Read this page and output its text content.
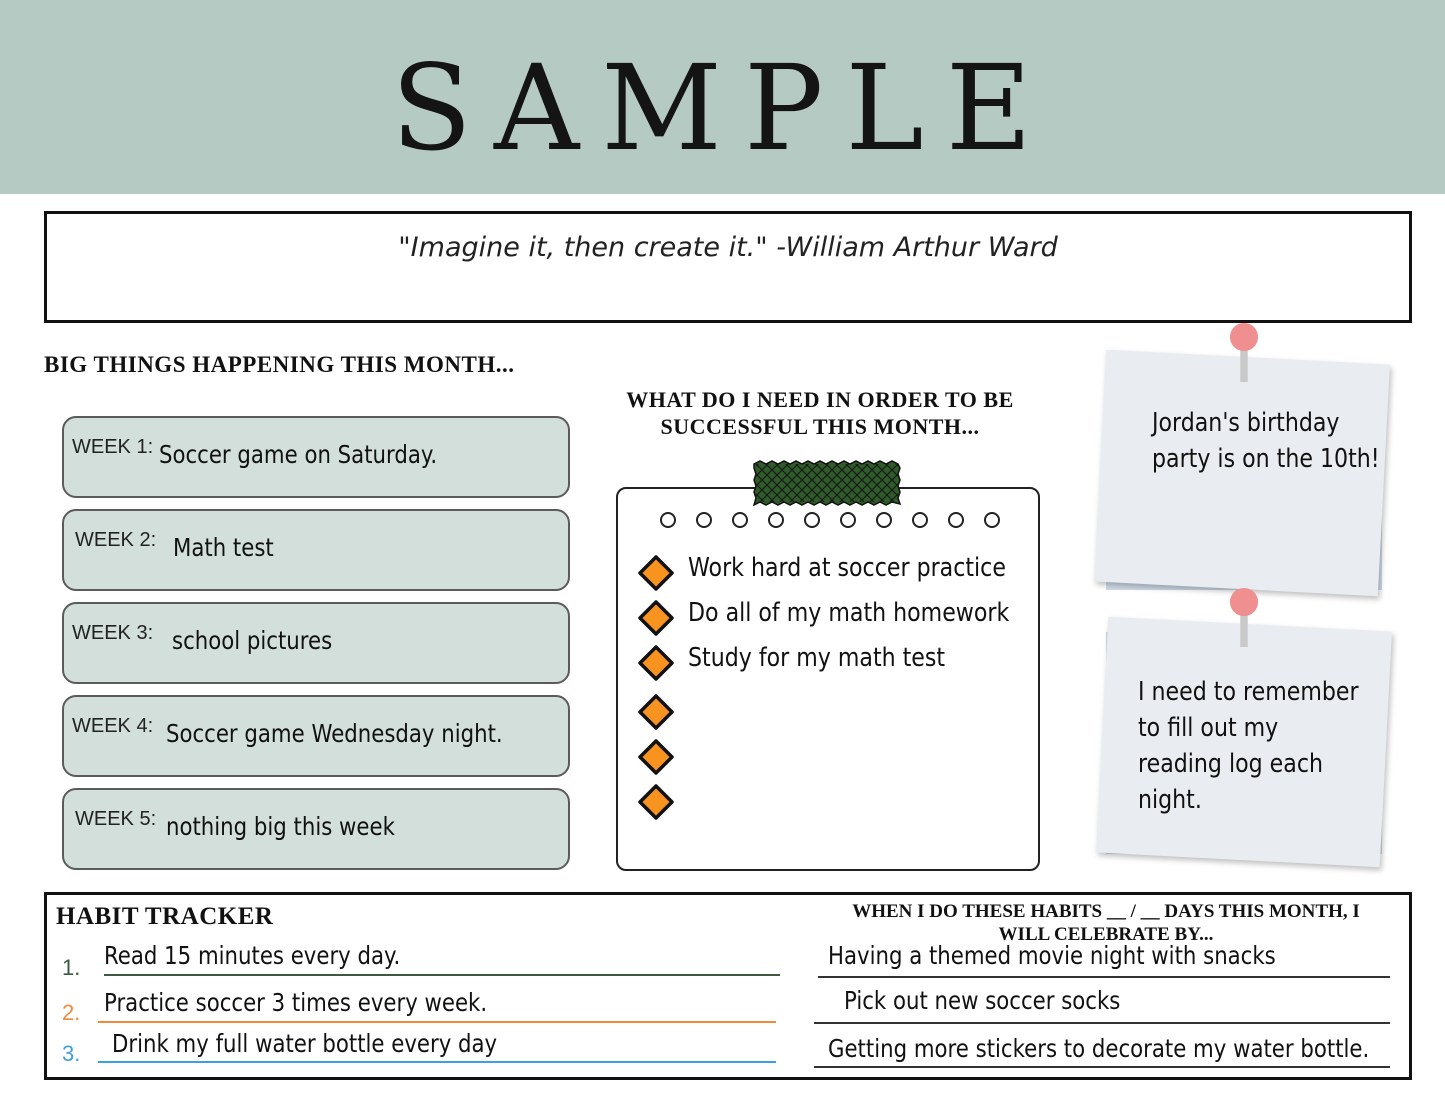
SAMPLE
"Imagine it, then create it." -William Arthur Ward
BIG THINGS HAPPENING THIS MONTH...
WEEK 1: Soccer game on Saturday.
WEEK 2: Math test
WEEK 3: school pictures
WEEK 4: Soccer game Wednesday night.
WEEK 5: nothing big this week
WHAT DO I NEED IN ORDER TO BE
SUCCESSFUL THIS MONTH...
Work hard at soccer practice
Do all of my math homework
Study for my math test
Jordan's birthday
party is on the 10th!
I need to remember
to fill out my
reading log each
night.
HABIT TRACKER	WHEN I DO THESE HABITS __ / __ DAYS THIS MONTH, I
WILL CELEBRATE BY...
1. Read 15 minutes every day.
2. Practice soccer 3 times every week.
3. Drink my full water bottle every day
Having a themed movie night with snacks
Pick out new soccer socks
Getting more stickers to decorate my water bottle.
